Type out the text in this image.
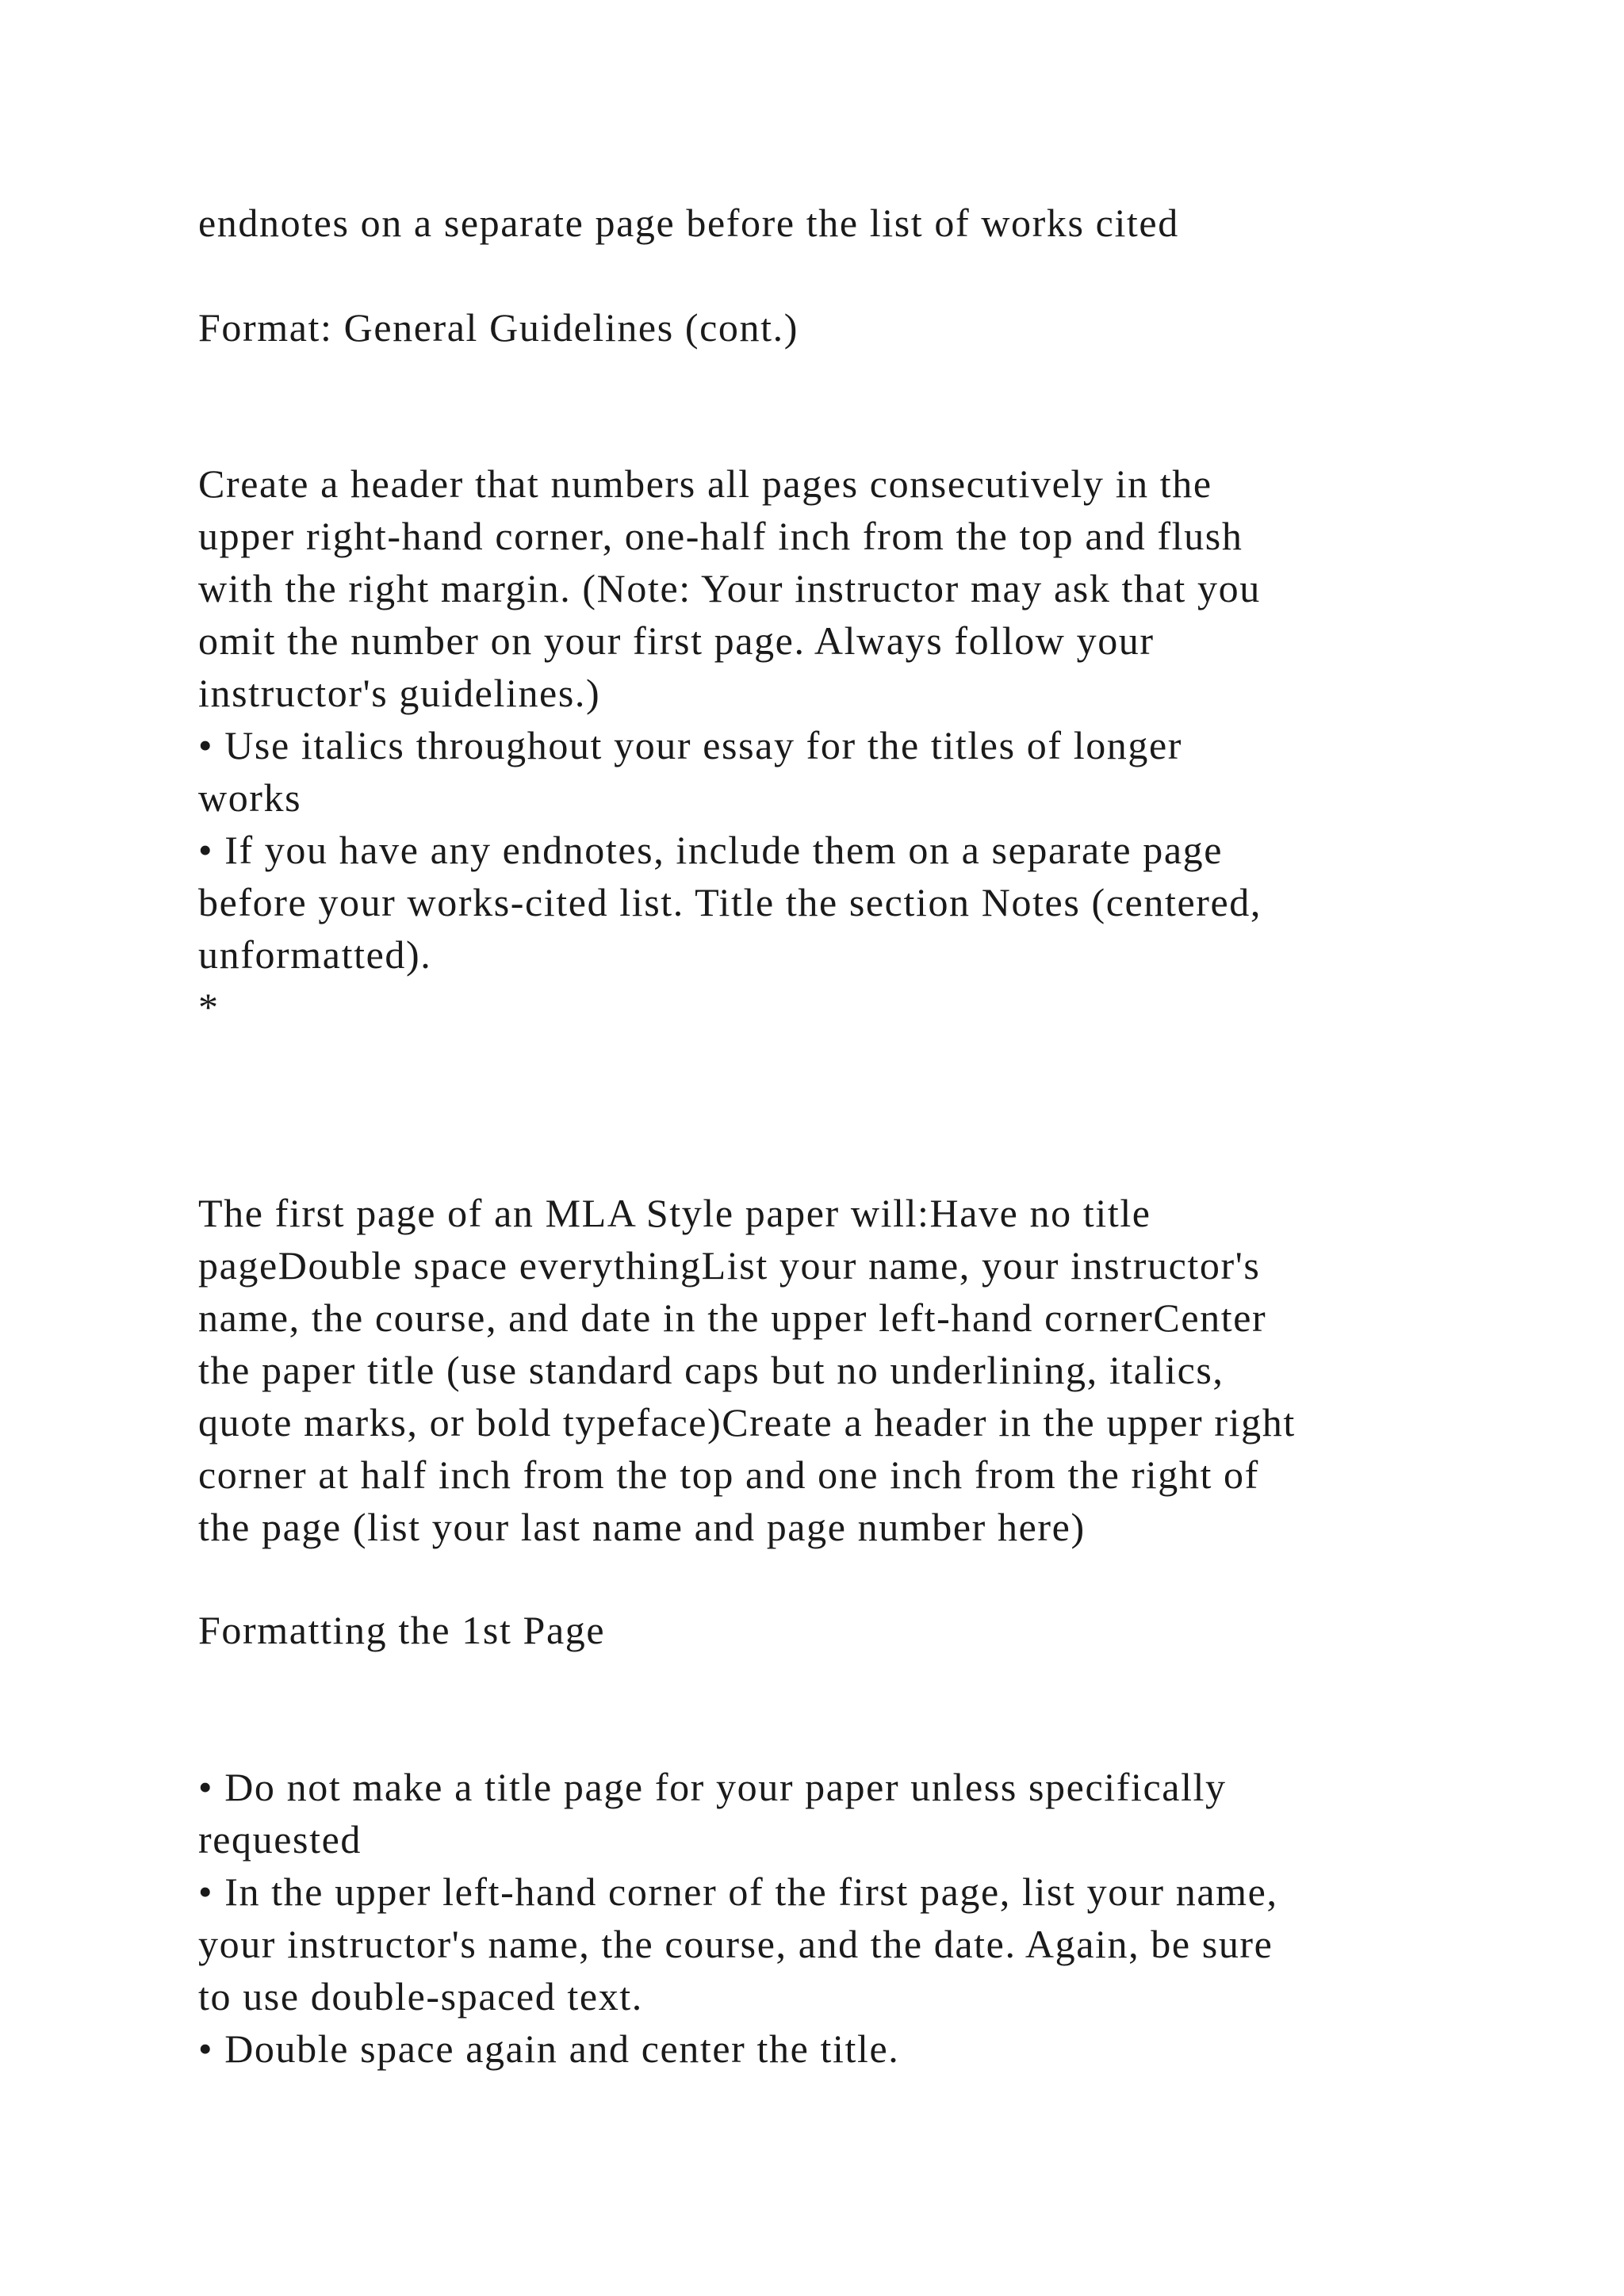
endnotes on a separate page before the list of works cited
Format: General Guidelines (cont.)
Create a header that numbers all pages consecutively in the
upper right-hand corner, one-half inch from the top and flush
with the right margin. (Note: Your instructor may ask that you
omit the number on your first page. Always follow your
instructor's guidelines.)
• Use italics throughout your essay for the titles of longer
works
• If you have any endnotes, include them on a separate page
before your works-cited list. Title the section Notes (centered,
unformatted).
*
The first page of an MLA Style paper will:Have no title
pageDouble space everythingList your name, your instructor's
name, the course, and date in the upper left-hand cornerCenter
the paper title (use standard caps but no underlining, italics,
quote marks, or bold typeface)Create a header in the upper right
corner at half inch from the top and one inch from the right of
the page (list your last name and page number here)
Formatting the 1st Page
• Do not make a title page for your paper unless specifically
requested
• In the upper left-hand corner of the first page, list your name,
your instructor's name, the course, and the date. Again, be sure
to use double-spaced text.
• Double space again and center the title.
